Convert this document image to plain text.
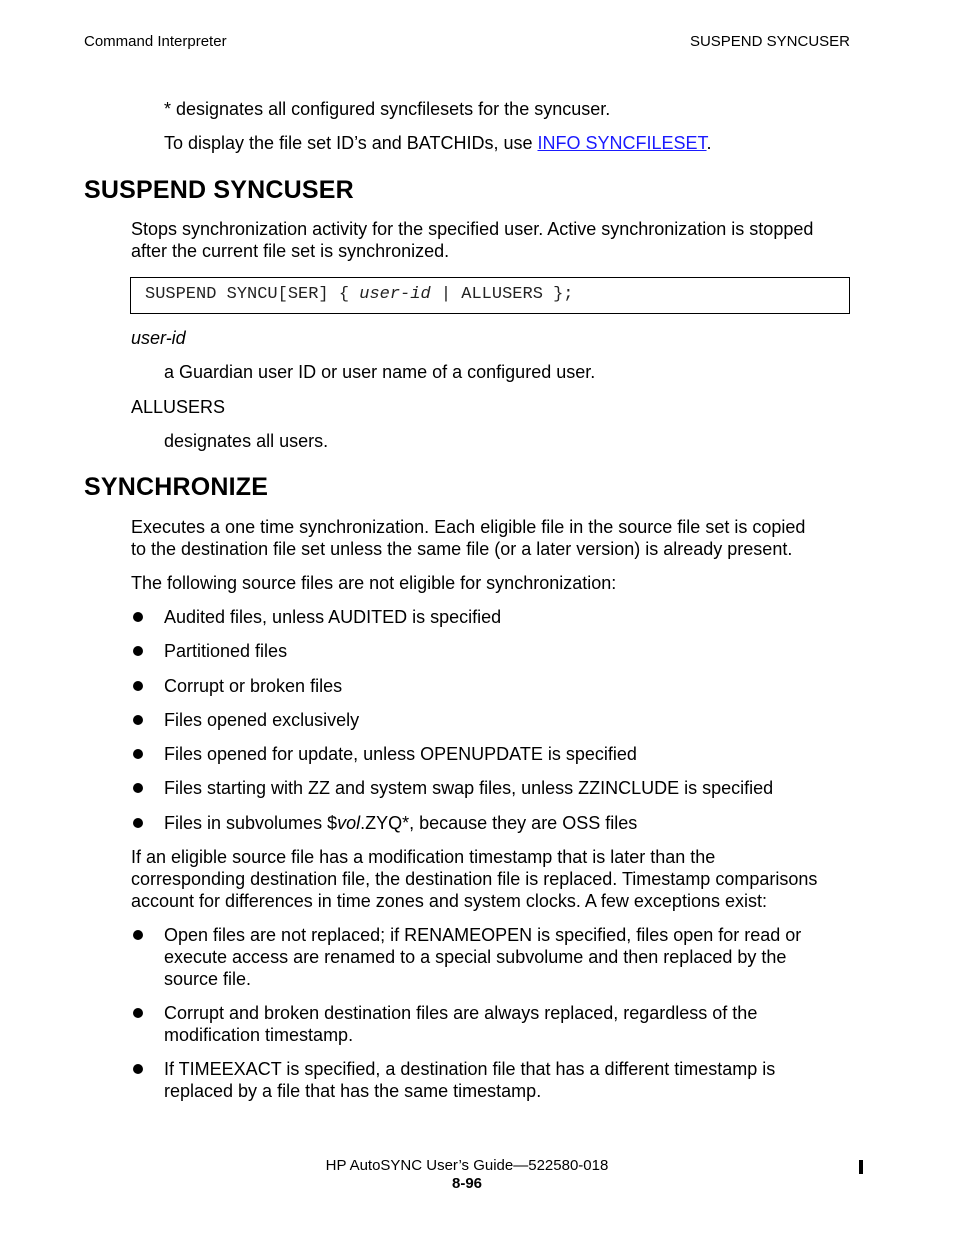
Command Interpreter	SUSPEND SYNCUSER
* designates all configured syncfilesets for the syncuser.
To display the file set ID’s and BATCHIDs, use INFO SYNCFILESET.
SUSPEND SYNCUSER
Stops synchronization activity for the specified user. Active synchronization is stopped
after the current file set is synchronized.
SUSPEND SYNCU[SER] { user-id | ALLUSERS };
user-id
a Guardian user ID or user name of a configured user.
ALLUSERS
designates all users.
SYNCHRONIZE
Executes a one time synchronization. Each eligible file in the source file set is copied
to the destination file set unless the same file (or a later version) is already present.
The following source files are not eligible for synchronization:
Audited files, unless AUDITED is specified
Partitioned files
Corrupt or broken files
Files opened exclusively
Files opened for update, unless OPENUPDATE is specified
Files starting with ZZ and system swap files, unless ZZINCLUDE is specified
Files in subvolumes $vol.ZYQ*, because they are OSS files
If an eligible source file has a modification timestamp that is later than the
corresponding destination file, the destination file is replaced. Timestamp comparisons
account for differences in time zones and system clocks. A few exceptions exist:
Open files are not replaced; if RENAMEOPEN is specified, files open for read or
execute access are renamed to a special subvolume and then replaced by the
source file.
Corrupt and broken destination files are always replaced, regardless of the
modification timestamp.
If TIMEEXACT is specified, a destination file that has a different timestamp is
replaced by a file that has the same timestamp.
HP AutoSYNC User’s Guide—522580-018
8-96
